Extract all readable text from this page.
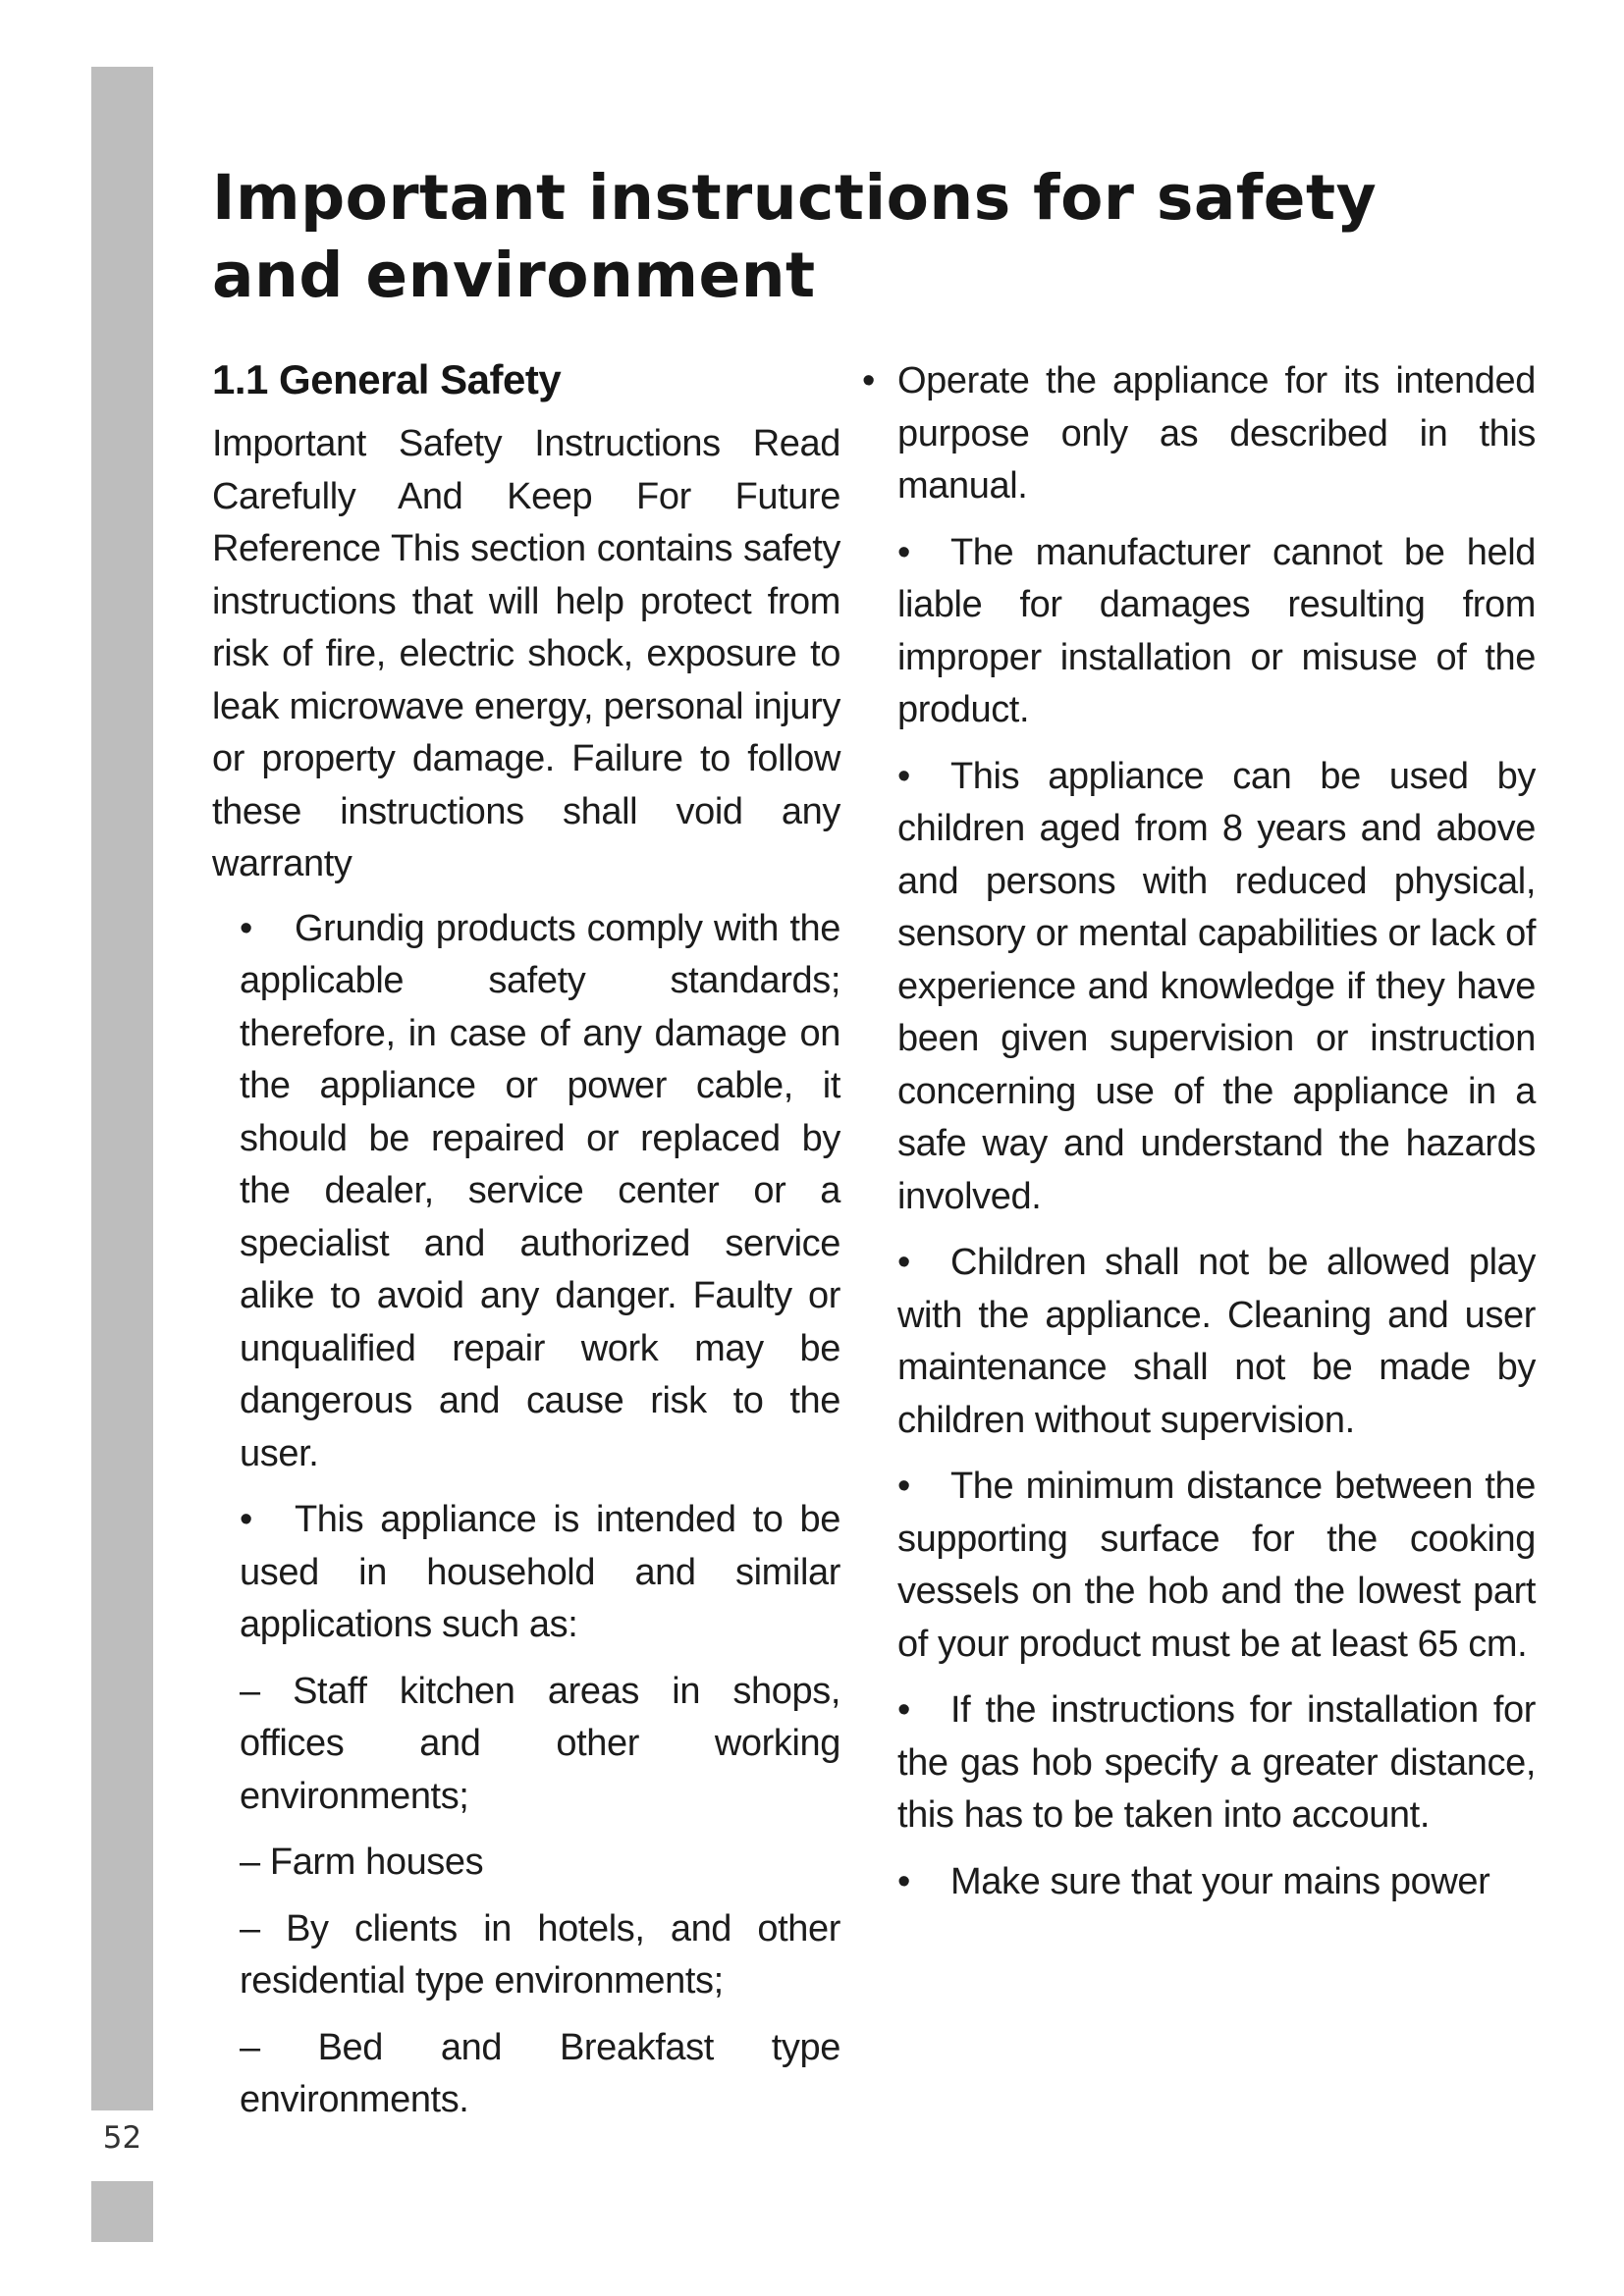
52
Important instructions for safety and environment
1.1 General Safety

Important Safety Instructions Read Carefully And Keep For Future Reference This section contains safety instructions that will help protect from risk of fire, electric shock, exposure to leak microwave energy, personal injury or property damage. Failure to follow these instructions shall void any warranty

• Grundig products comply with the applicable safety standards; therefore, in case of any damage on the appliance or power cable, it should be repaired or replaced by the dealer, service center or a specialist and authorized service alike to avoid any danger. Faulty or unqualified repair work may be dangerous and cause risk to the user.
• This appliance is intended to be used in household and similar applications such as:

– Staff kitchen areas in shops, offices and other working environments;

– Farm houses

– By clients in hotels, and other residential type environments;

– Bed and Breakfast type environments.

• Operate the appliance for its intended purpose only as described in this manual.
• The manufacturer cannot be held liable for damages resulting from improper installation or misuse of the product.
• This appliance can be used by children aged from 8 years and above and persons with reduced physical, sensory or mental capabilities or lack of experience and knowledge if they have been given supervision or instruction concerning use of the appliance in a safe way and understand the hazards involved.
• Children shall not be allowed play with the appliance. Cleaning and user maintenance shall not be made by children without supervision.
• The minimum distance between the supporting surface for the cooking vessels on the hob and the lowest part of your product must be at least 65 cm.
• If the instructions for installation for the gas hob specify a greater distance, this has to be taken into account.
• Make sure that your mains power
